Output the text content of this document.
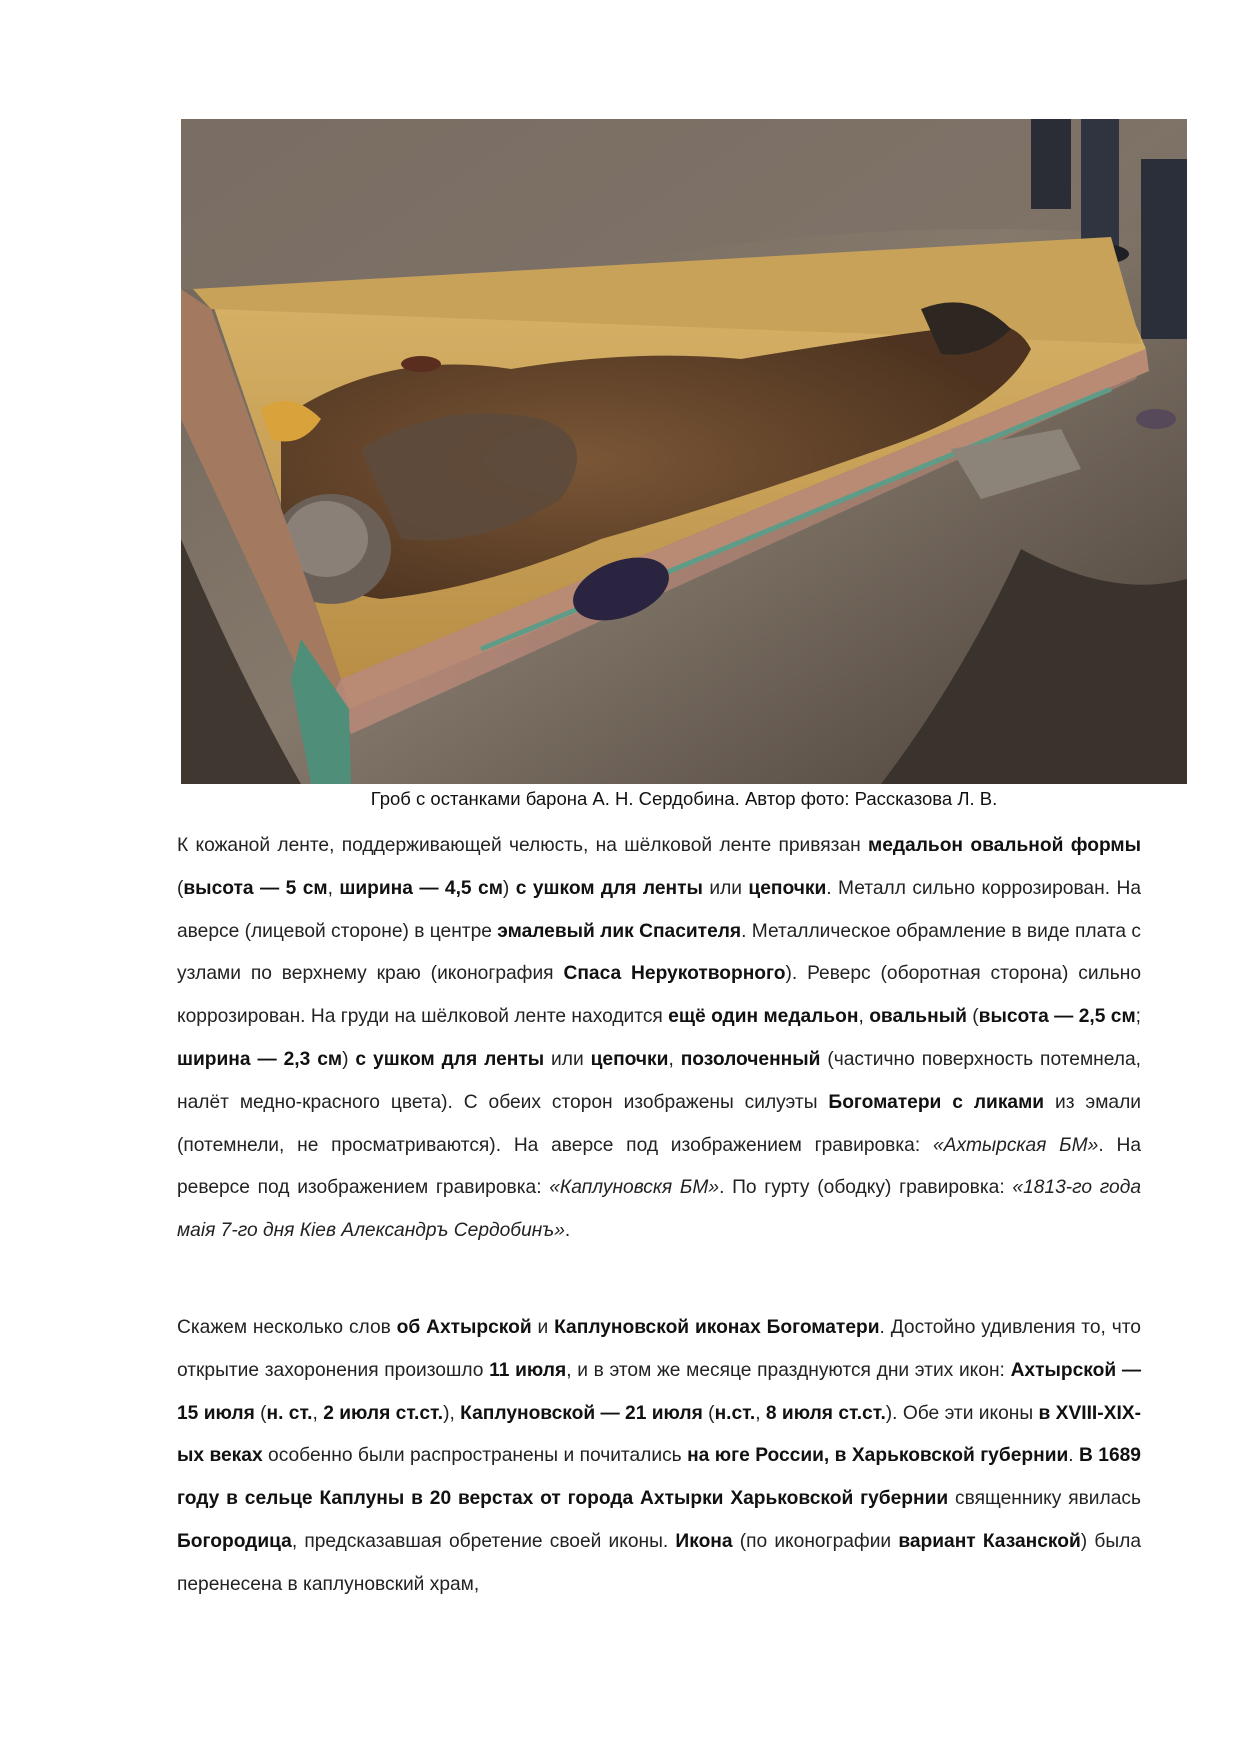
Гроб с останками барона А. Н. Сердобина. Автор фото: Рассказова Л. В.

К кожаной ленте, поддерживающей челюсть, на шёлковой ленте привязан медальон овальной формы (высота — 5 см, ширина — 4,5 см) с ушком для ленты или цепочки. Металл сильно коррозирован. На аверсе (лицевой стороне) в центре эмалевый лик Спасителя. Металлическое обрамление в виде плата с узлами по верхнему краю (иконография Спаса Нерукотворного). Реверс (оборотная сторона) сильно коррозирован. На груди на шёлковой ленте находится ещё один медальон, овальный (высота — 2,5 см; ширина — 2,3 см) с ушком для ленты или цепочки, позолоченный (частично поверхность потемнела, налёт медно-красного цвета). С обеих сторон изображены силуэты Богоматери с ликами из эмали (потемнели, не просматриваются). На аверсе под изображением гравировка: «Ахтырская БМ». На реверсе под изображением гравировка: «Каплуновскя БМ». По гурту (ободку) гравировка: «1813-го года маія 7-го дня Кіев Александръ Сердобинъ».

Скажем несколько слов об Ахтырской и Каплуновской иконах Богоматери. Достойно удивления то, что открытие захоронения произошло 11 июля, и в этом же месяце празднуются дни этих икон: Ахтырской — 15 июля (н. ст., 2 июля ст.ст.), Каплуновской — 21 июля (н.ст., 8 июля ст.ст.). Обе эти иконы в XVIII-XIX-ых веках особенно были распространены и почитались на юге России, в Харьковской губернии. В 1689 году в сельце Каплуны в 20 верстах от города Ахтырки Харьковской губернии священнику явилась Богородица, предсказавшая обретение своей иконы. Икона (по иконографии вариант Казанской) была перенесена в каплуновский храм,
